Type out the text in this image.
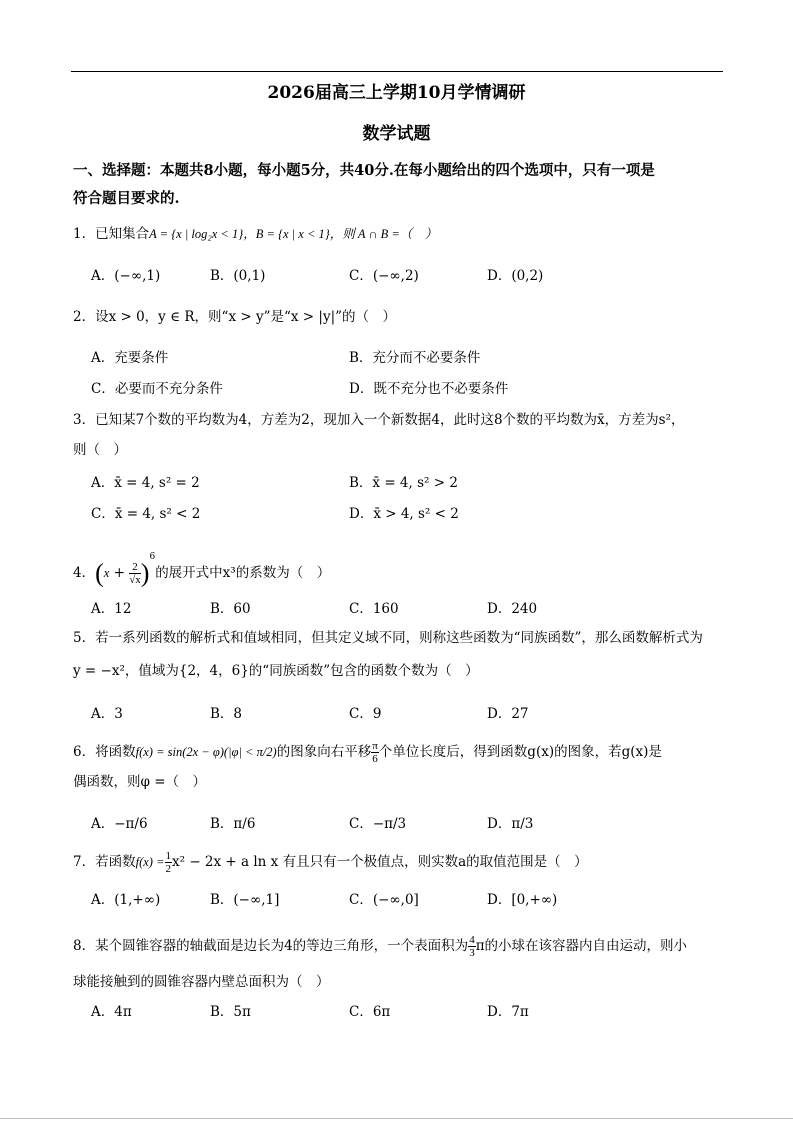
2026届高三上学期10月学情调研
数学试题
一、选择题：本题共8小题，每小题5分，共40分.在每小题给出的四个选项中，只有一项是
符合题目要求的.
1．已知集合A = {x | log₂x < 1}，B = {x | x < 1}，则 A ∩ B =（　）
A．(−∞,1)	B．(0,1)	C．(−∞,2)	D．(0,2)
2．设x > 0，y ∈ R，则“x > y”是“x > |y|”的（　）
A．充要条件	B．充分而不必要条件
C．必要而不充分条件	D．既不充分也不必要条件
3．已知某7个数的平均数为4，方差为2，现加入一个新数据4，此时这8个数的平均数为x̄，方差为s²，
则（　）
A．x̄ = 4, s² = 2	B．x̄ = 4, s² > 2
C．x̄ = 4, s² < 2	D．x̄ > 4, s² < 2
4．$(x + \frac{2}{√x} )^6$的展开式中x³的系数为（　）
A．12	B．60	C．160	D．240
5．若一系列函数的解析式和值域相同，但其定义域不同，则称这些函数为“同族函数”，那么函数解析式为
y = −x²，值域为{2，4，6}的“同族函数”包含的函数个数为（　）
A．3	B．8	C．9	D．27
6．将函数f(x) = sin(2x − φ)(|φ| < π/2)的图象向右平移 $\frac{\pi}{6}$ 个单位长度后，得到函数g(x)的图象，若g(x)是
偶函数，则φ =（　）
A．−π/6	B．π/6	C．−π/3	D．π/3
7．若函数$f(x) = \frac{1}{2} x^2 - 2x + a$ ln x 有且只有一个极值点，则实数a的取值范围是（　）
A．(1,+∞)	B．(−∞,1]	C．(−∞,0]	D．[0,+∞)
8．某个圆锥容器的轴截面是边长为4的等边三角形，一个表面积为 $\frac{4}{3}$ π的小球在该容器内自由运动，则小
球能接触到的圆锥容器内壁总面积为（　）
A．4π	B．5π	C．6π	D．7π
